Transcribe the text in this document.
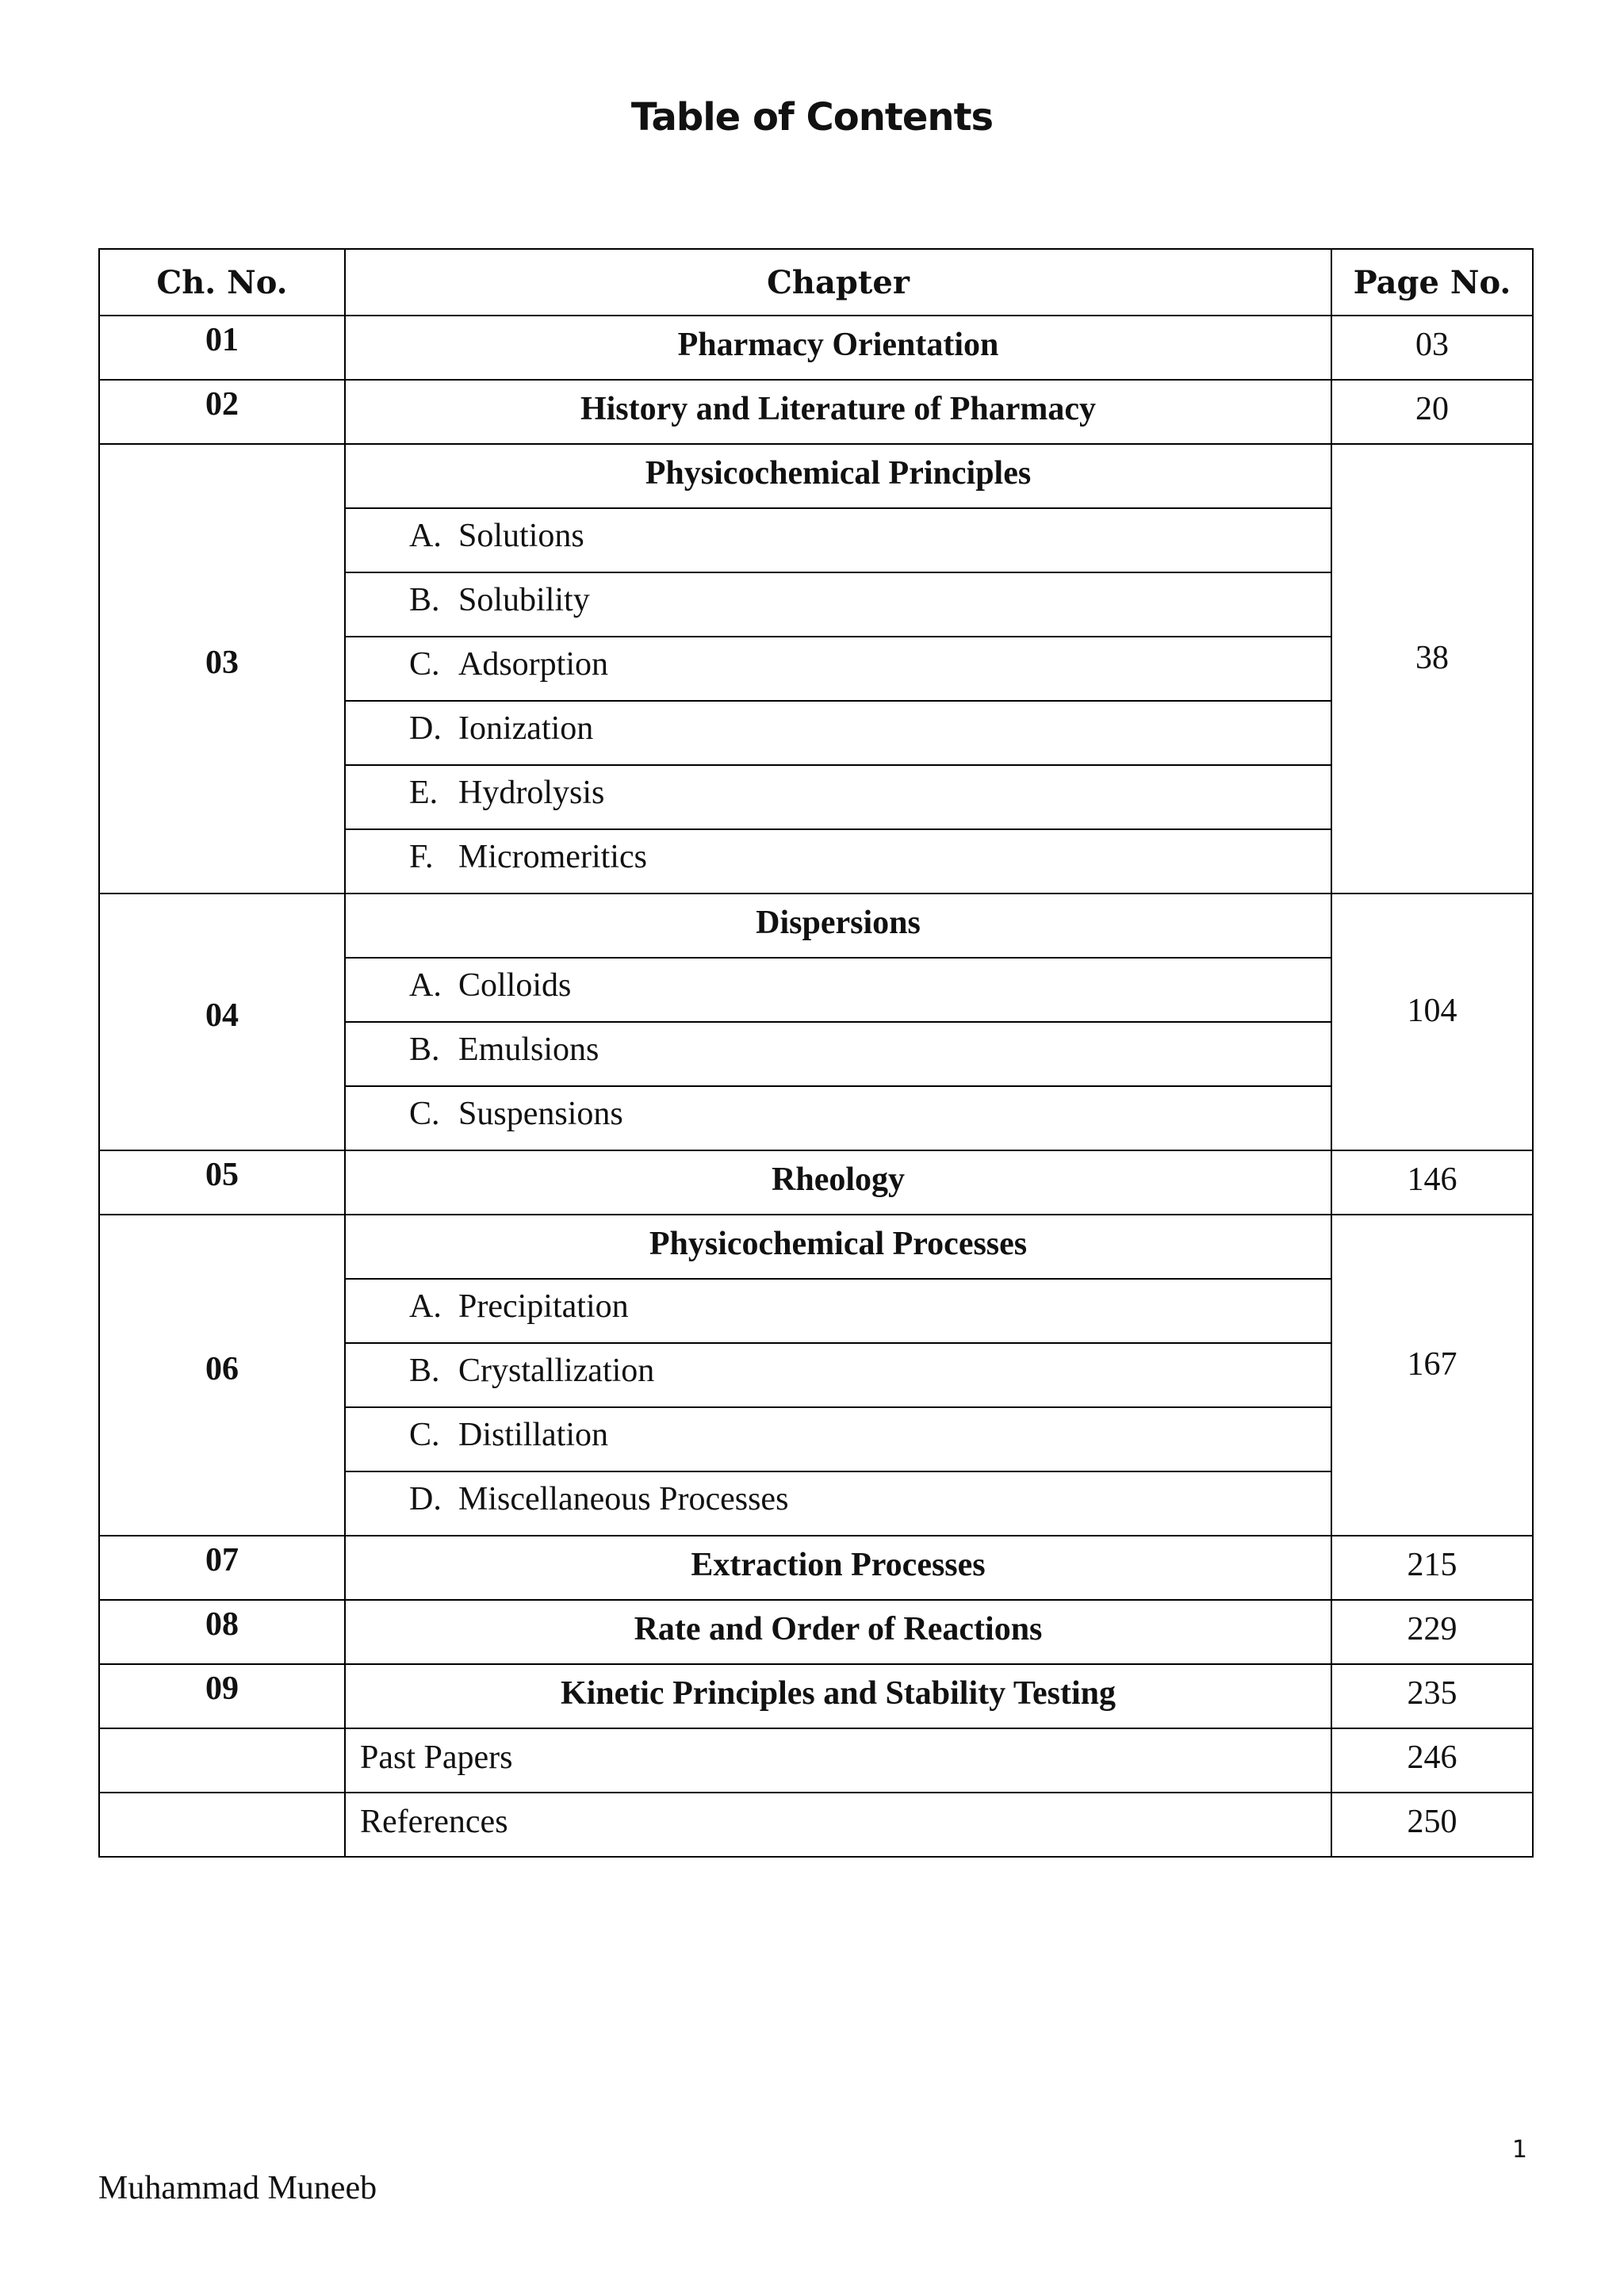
Table of Contents
Ch. No.	Chapter	Page No.
01	Pharmacy Orientation	03

02	History and Literature of Pharmacy	20

03	Physicochemical Principles	38

	A. Solutions	

	B. Solubility	

	C. Adsorption	

	D. Ionization	

	E. Hydrolysis	

	F. Micromeritics	

04	Dispersions	104

	A. Colloids	

	B. Emulsions	

	C. Suspensions	

05	Rheology	146

06	Physicochemical Processes	167

	A. Precipitation	

	B. Crystallization	

	C. Distillation	

	D. Miscellaneous Processes	

07	Extraction Processes	215

08	Rate and Order of Reactions	229

09	Kinetic Principles and Stability Testing	235

	Past Papers	246

	References	250
1
Muhammad Muneeb
